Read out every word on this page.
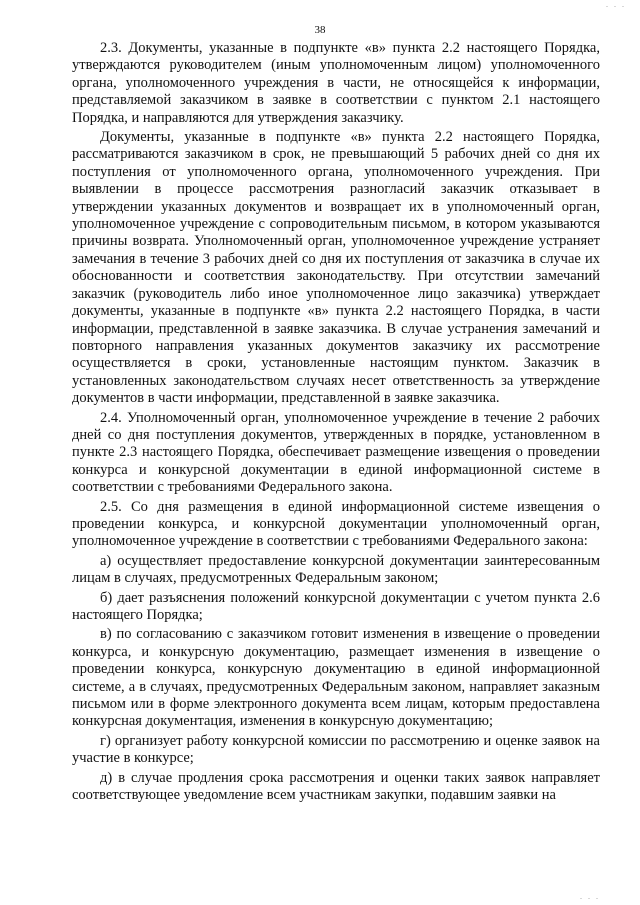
. . .
38

2.3. Документы, указанные в подпункте «в» пункта 2.2 настоящего Порядка, утверждаются руководителем (иным уполномоченным лицом) уполномоченного органа, уполномоченного учреждения в части, не относящейся к информации, представляемой заказчиком в заявке в соответствии с пунктом 2.1 настоящего Порядка, и направляются для утверждения заказчику.

Документы, указанные в подпункте «в» пункта 2.2 настоящего Порядка, рассматриваются заказчиком в срок, не превышающий 5 рабочих дней со дня их поступления от уполномоченного органа, уполномоченного учреждения. При выявлении в процессе рассмотрения разногласий заказчик отказывает в утверждении указанных документов и возвращает их в уполномоченный орган, уполномоченное учреждение с сопроводительным письмом, в котором указываются причины возврата. Уполномоченный орган, уполномоченное учреждение устраняет замечания в течение 3 рабочих дней со дня их поступления от заказчика в случае их обоснованности и соответствия законодательству. При отсутствии замечаний заказчик (руководитель либо иное уполномоченное лицо заказчика) утверждает документы, указанные в подпункте «в» пункта 2.2 настоящего Порядка, в части информации, представленной в заявке заказчика. В случае устранения замечаний и повторного направления указанных документов заказчику их рассмотрение осуществляется в сроки, установленные настоящим пунктом. Заказчик в установленных законодательством случаях несет ответственность за утверждение документов в части информации, представленной в заявке заказчика.

2.4. Уполномоченный орган, уполномоченное учреждение в течение 2 рабочих дней со дня поступления документов, утвержденных в порядке, установленном в пункте 2.3 настоящего Порядка, обеспечивает размещение извещения о проведении конкурса и конкурсной документации в единой информационной системе в соответствии с требованиями Федерального закона.

2.5. Со дня размещения в единой информационной системе извещения о проведении конкурса, и конкурсной документации уполномоченный орган, уполномоченное учреждение в соответствии с требованиями Федерального закона:

а) осуществляет предоставление конкурсной документации заинтересованным лицам в случаях, предусмотренных Федеральным законом;

б) дает разъяснения положений конкурсной документации с учетом пункта 2.6 настоящего Порядка;

в) по согласованию с заказчиком готовит изменения в извещение о проведении конкурса, и конкурсную документацию, размещает изменения в извещение о проведении конкурса, конкурсную документацию в единой информационной системе, а в случаях, предусмотренных Федеральным законом, направляет заказным письмом или в форме электронного документа всем лицам, которым предоставлена конкурсная документация, изменения в конкурсную документацию;

г) организует работу конкурсной комиссии по рассмотрению и оценке заявок на участие в конкурсе;

д) в случае продления срока рассмотрения и оценки таких заявок направляет соответствующее уведомление всем участникам закупки, подавшим заявки на

. . .
